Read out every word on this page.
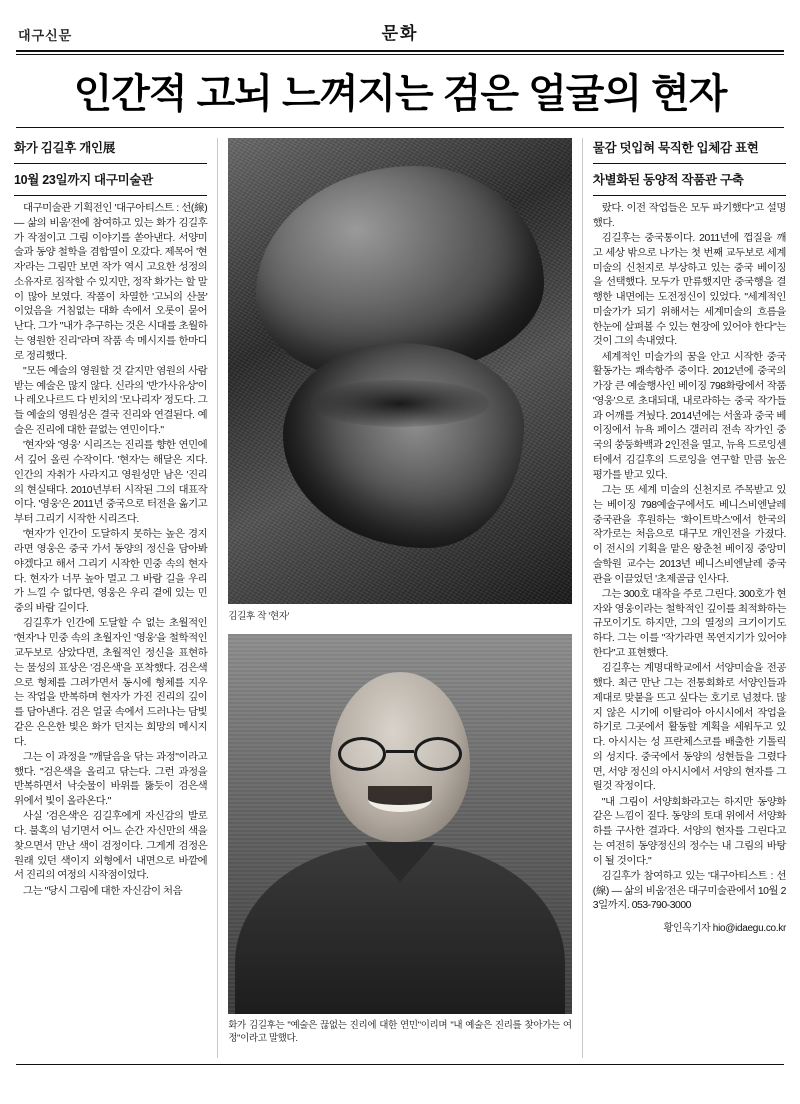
대구신문	문화
인간적 고뇌 느껴지는 검은 얼굴의 현자
화가 김길후 개인展
10월 23일까지 대구미술관

대구미술관 기획전인 '대구아티스트 : 선(線) — 삶의 비움'전에 참여하고 있는 화가 김길후가 작점이고 그림 이야기를 쏟아낸다. 서양미술과 동양 철학을 겸합열이 오갔다. 제목어 '현자'라는 그림만 보면 작가 역시 고요한 성정의 소유자로 짐작할 수 있지만, 정작 화가는 할 말이 많아 보였다. 작품이 차열한 '고뇌의 산물' 이었음을 거침없는 대화 속에서 오롯이 묻어난다. 그가 "내가 추구하는 것은 시대를 초월하는 영원한 진리"라며 작품 속 메시지를 한마디로 정리했다.

"모든 예술의 영원할 것 같지만 염원의 사람받는 예술은 많지 않다. 신라의 '반가사유상'이나 레오나르드 다 빈치의 '모나리자' 정도다. 그들 예술의 영원성은 결국 진리와 연결된다. 예술은 진리에 대한 끝없는 연민이다."

'현자'와 '영웅' 시리즈는 진리를 향한 연민에서 깊어 올린 수작이다. '현자'는 해달은 지다. 인간의 자취가 사라지고 영원성만 남은 '진리의 현실태다. 2010년부터 시작된 그의 대표작이다. '영웅'은 2011년 중국으로 터전을 옮기고부터 그리기 시작한 시리즈다.

'현자'가 인간이 도달하지 못하는 높은 경지라면 영웅은 중국 가서 동양의 정신을 담아봐야겠다고 해서 그리기 시작한 민중 속의 현자다. 현자가 너무 높아 멀고 그 바람 길을 우리가 느낄 수 없다면, 영웅은 우리 곁에 있는 민중의 바람 길이다.

김길후가 인간에 도달할 수 없는 초월적인 '현자'나 민중 속의 초월자인 '영웅'을 철학적인 교두보로 삼았다면, 초월적인 정신을 표현하는 물성의 표상은 '검은색'을 포착했다. 검은색으로 형체를 그려가면서 동시에 형체를 지우는 작업을 반복하며 현자가 가진 진리의 깊이를 담아낸다. 검은 얼굴 속에서 드러나는 담빛 같은 은은한 빛은 화가 던지는 희망의 메시지다.

그는 이 과정을 "깨달음을 닦는 과정"이라고 했다. "검은색을 올리고 닦는다. 그런 과정을 반복하면서 낙숫물이 바위를 뚫듯이 검은색 위에서 빛이 올라온다."

사실 '검은색'은 김길후에게 자신감의 발로다. 불혹의 넘기면서 어느 순간 자신만의 색을 찾으면서 만난 색이 검정이다. 그게게 검정은 원래 있던 색이지 외형에서 내면으로 바깥에서 진리의 여정의 시작점이었다.

그는 "당시 그림에 대한 자신감이 처음

김길후 작 '현자'
화가 김길후는 "예술은 끊없는 진리에 대한 연민"이리며 "내 예술은 진리를 찾아가는 여정"이라고 말했다.
물감 덧입혀 묵직한 입체감 표현
차별화된 동양적 작품관 구축

랐다. 이전 작업들은 모두 파기했다"고 설명했다.

김길후는 중국통이다. 2011년에 껍질을 깨고 세상 밖으로 나가는 첫 번째 교두보로 세계미술의 신천지로 부상하고 있는 중국 베이징을 선택했다. 모두가 만류했지만 중국행을 결행한 내면에는 도전정신이 있었다. "세계적인 미술가가 되기 위해서는 세계미술의 흐름을 한눈에 살펴볼 수 있는 현장에 있어야 한다"는 것이 그의 속내였다.

세계적인 미술가의 꿈을 안고 시작한 중국 활동가는 쾌속항주 중이다. 2012년에 중국의 가장 큰 예술행사인 베이징 798화랑에서 작품 '영웅'으로 초대되대, 내로라하는 중국 작가들과 어깨를 겨눴다. 2014년에는 서울과 중국 베이징에서 뉴욕 페이스 갤러리 전속 작가인 중국의 쑹둥화백과 2인전을 열고, 뉴욕 드로잉센터에서 김길후의 드로잉을 연구할 만큼 높은 평가를 받고 있다.

그는 또 세계 미술의 신천지로 주목받고 있는 베이징 798예술구에서도 베니스비엔날레 중국관을 후원하는 '화이트박스'에서 한국의 작가로는 처음으로 대구모 개인전을 가졌다. 이 전시의 기획을 맡은 왕춘천 베이징 중앙미술학원 교수는 2013년 베니스비엔날레 중국관을 이끌었던 '초제골급 인사다.

그는 300호 대작을 주로 그린다. 300호가 현자와 영웅이라는 철학적인 깊이를 최적화하는 규모이기도 하지만, 그의 열정의 크기이기도 하다. 그는 이를 "작가라면 목연지기가 있어야 한다"고 표현했다.

김길후는 계명대학교에서 서양미술을 전공했다. 최근 만난 그는 전통회화로 서양인들과 제대로 맞붙을 뜨고 싶다는 호기로 넘쳤다. 많지 않은 시기에 이탈리아 아시시에서 작업을 하기로 그곳에서 활동할 계획을 세워두고 있다. 아시시는 성 프란체스코를 배출한 기톨릭의 성지다. 중국에서 동양의 성현들을 그렸다면, 서양 정신의 아시시에서 서양의 현자를 그릴것 작정이다.

"내 그림이 서양회화라고는 하지만 동양화 같은 느낌이 짙다. 동양의 토대 위에서 서양화하를 구사한 결과다. 서양의 현자를 그린다고는 여전히 동양정신의 정수는 내 그림의 바탕이 될 것이다."

김길후가 참여하고 있는 '대구아티스트 : 선(線) — 삶의 비움'전은 대구미술관에서 10월 23일까지. 053-790-3000

황인옥기자 hio@idaegu.co.kr
